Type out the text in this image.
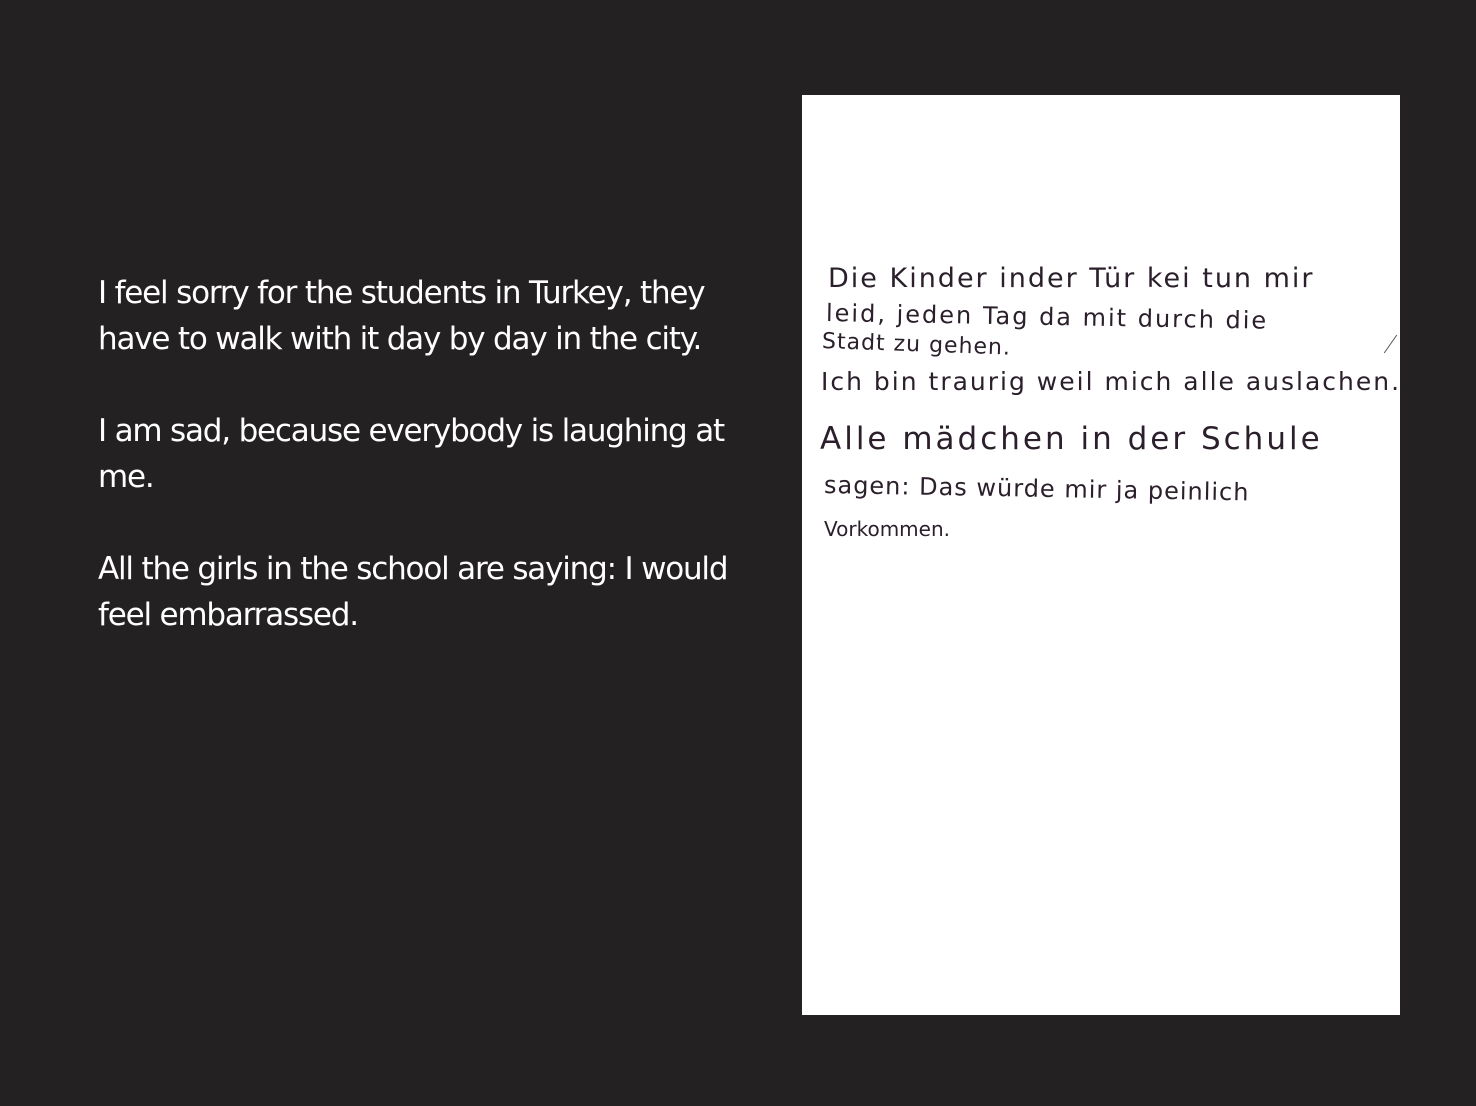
I feel sorry for the students in Turkey, they have to walk with it day by day in the city.

I am sad, because everybody is laughing at me.

All the girls in the school are saying: I would feel embarrassed.

Die Kinder inder Tür kei tun mir
leid, jeden Tag da mit durch die
Stadt zu gehen.
Ich bin traurig weil mich alle auslachen.
Alle mädchen in der Schule
sagen: Das würde mir ja peinlich
Vorkommen.
